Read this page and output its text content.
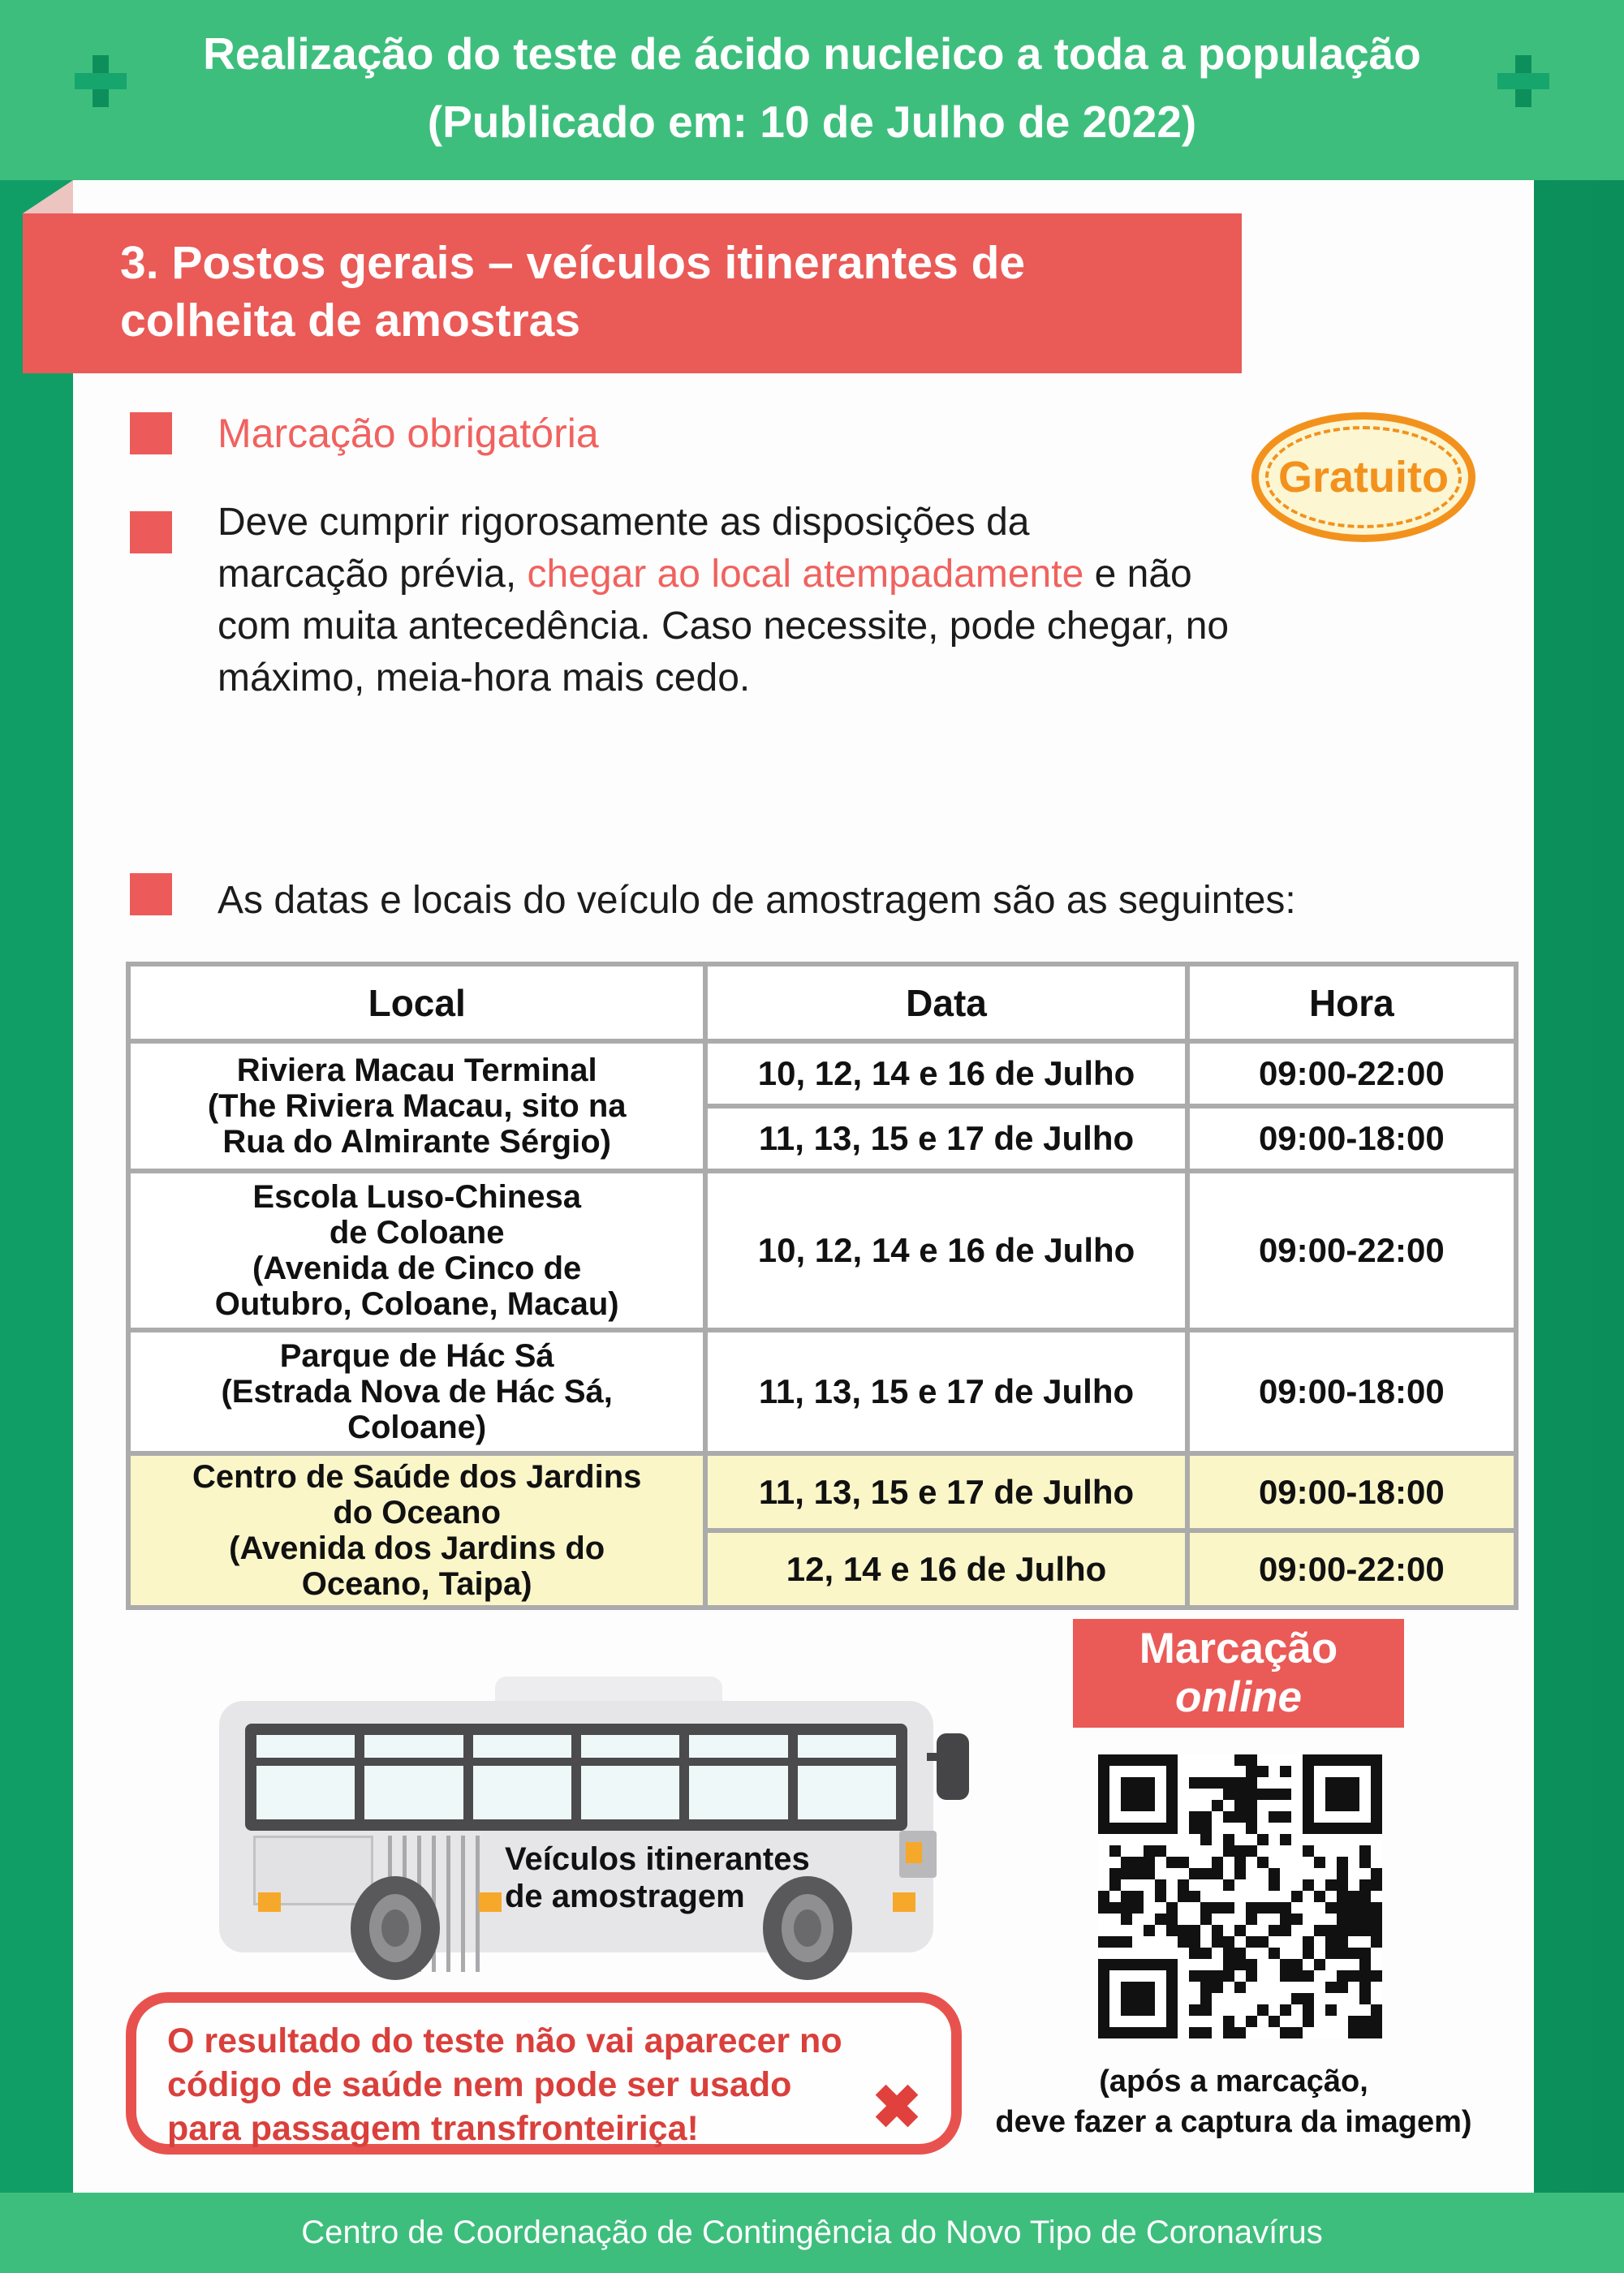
Realização do teste de ácido nucleico a toda a população
(Publicado em: 10 de Julho de 2022)
3. Postos gerais – veículos itinerantes de colheita de amostras
Marcação obrigatória
Gratuito
Deve cumprir rigorosamente as disposições da
marcação prévia, chegar ao local atempadamente e não
com muita antecedência. Caso necessite, pode chegar, no
máximo, meia-hora mais cedo.
As datas e locais do veículo de amostragem são as seguintes:
Local	Data	Hora
Riviera Macau Terminal
(The Riviera Macau, sito na
Rua do Almirante Sérgio)	10, 12, 14 e 16 de Julho	09:00-22:00
	11, 13, 15 e 17 de Julho	09:00-18:00
Escola Luso-Chinesa
de Coloane
(Avenida de Cinco de
Outubro, Coloane, Macau)	10, 12, 14 e 16 de Julho	09:00-22:00
Parque de Hác Sá
(Estrada Nova de Hác Sá,
Coloane)	11, 13, 15 e 17 de Julho	09:00-18:00
Centro de Saúde dos Jardins
do Oceano
(Avenida dos Jardins do
Oceano, Taipa)	11, 13, 15 e 17 de Julho	09:00-18:00
	12, 14 e 16 de Julho	09:00-22:00
Veículos itinerantes
de amostragem
Marcação
online
(após a marcação,
deve fazer a captura da imagem)
O resultado do teste não vai aparecer no
código de saúde nem pode ser usado
para passagem transfronteiriça!	✖
Centro de Coordenação de Contingência do Novo Tipo de Coronavírus
